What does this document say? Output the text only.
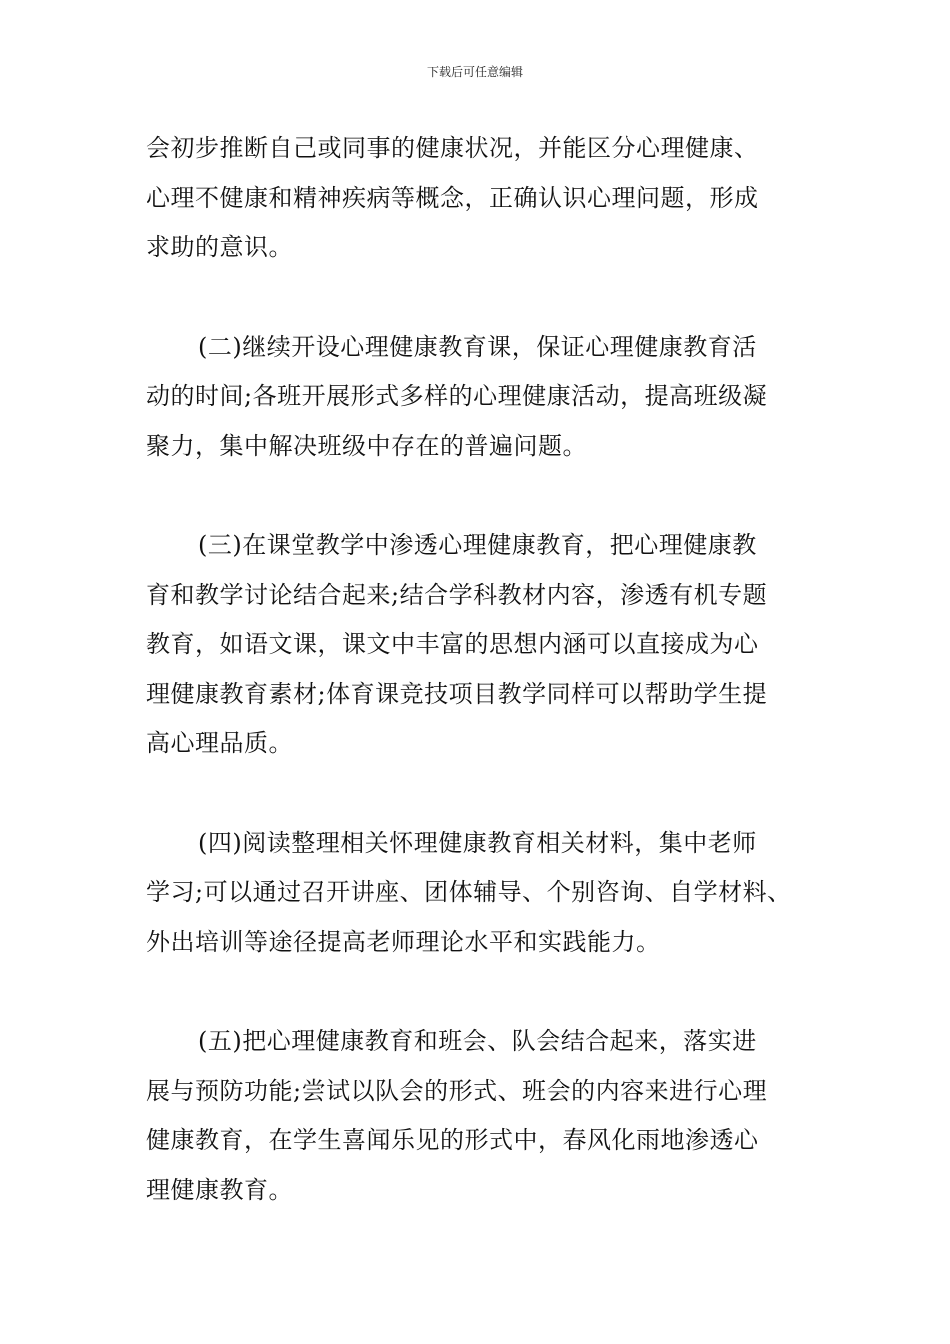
下载后可任意编辑

会初步推断自己或同事的健康状况，并能区分心理健康、
心理不健康和精神疾病等概念，正确认识心理问题，形成
求助的意识。

(二)继续开设心理健康教育课，保证心理健康教育活
动的时间;各班开展形式多样的心理健康活动，提高班级凝
聚力，集中解决班级中存在的普遍问题。

(三)在课堂教学中渗透心理健康教育，把心理健康教
育和教学讨论结合起来;结合学科教材内容，渗透有机专题
教育，如语文课，课文中丰富的思想内涵可以直接成为心
理健康教育素材;体育课竞技项目教学同样可以帮助学生提
高心理品质。

(四)阅读整理相关怀理健康教育相关材料，集中老师
学习;可以通过召开讲座、团体辅导、个别咨询、自学材料、
外出培训等途径提高老师理论水平和实践能力。

(五)把心理健康教育和班会、队会结合起来，落实进
展与预防功能;尝试以队会的形式、班会的内容来进行心理
健康教育，在学生喜闻乐见的形式中，春风化雨地渗透心
理健康教育。
